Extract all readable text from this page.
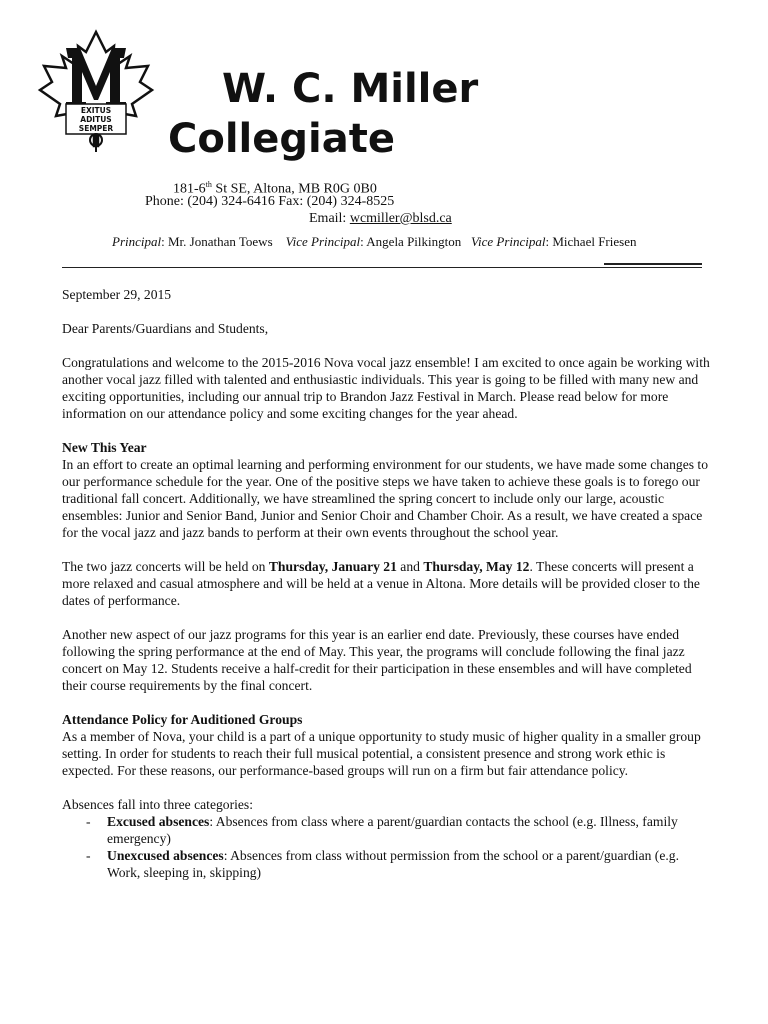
EXITUS
ADITUS
SEMPER
W. C. Miller
Collegiate
181-6th St SE, Altona, MB R0G 0B0
Phone: (204) 324-6416 Fax: (204) 324-8525
Email: wcmiller@blsd.ca
Principal: Mr. Jonathan Toews Vice Principal: Angela Pilkington Vice Principal: Michael Friesen

September 29, 2015

Dear Parents/Guardians and Students,

Congratulations and welcome to the 2015-2016 Nova vocal jazz ensemble! I am excited to once again be working with another vocal jazz filled with talented and enthusiastic individuals. This year is going to be filled with many new and exciting opportunities, including our annual trip to Brandon Jazz Festival in March. Please read below for more information on our attendance policy and some exciting changes for the year ahead.

New This Year

In an effort to create an optimal learning and performing environment for our students, we have made some changes to our performance schedule for the year. One of the positive steps we have taken to achieve these goals is to forego our traditional fall concert. Additionally, we have streamlined the spring concert to include only our large, acoustic ensembles: Junior and Senior Band, Junior and Senior Choir and Chamber Choir. As a result, we have created a space for the vocal jazz and jazz bands to perform at their own events throughout the school year.

The two jazz concerts will be held on Thursday, January 21 and Thursday, May 12. These concerts will present a more relaxed and casual atmosphere and will be held at a venue in Altona. More details will be provided closer to the dates of performance.

Another new aspect of our jazz programs for this year is an earlier end date. Previously, these courses have ended following the spring performance at the end of May. This year, the programs will conclude following the final jazz concert on May 12. Students receive a half-credit for their participation in these ensembles and will have completed their course requirements by the final concert.

Attendance Policy for Auditioned Groups

As a member of Nova, your child is a part of a unique opportunity to study music of higher quality in a smaller group setting. In order for students to reach their full musical potential, a consistent presence and strong work ethic is expected. For these reasons, our performance-based groups will run on a firm but fair attendance policy.

Absences fall into three categories:
- Excused absences: Absences from class where a parent/guardian contacts the school (e.g. Illness, family emergency)
- Unexcused absences: Absences from class without permission from the school or a parent/guardian (e.g. Work, sleeping in, skipping)
